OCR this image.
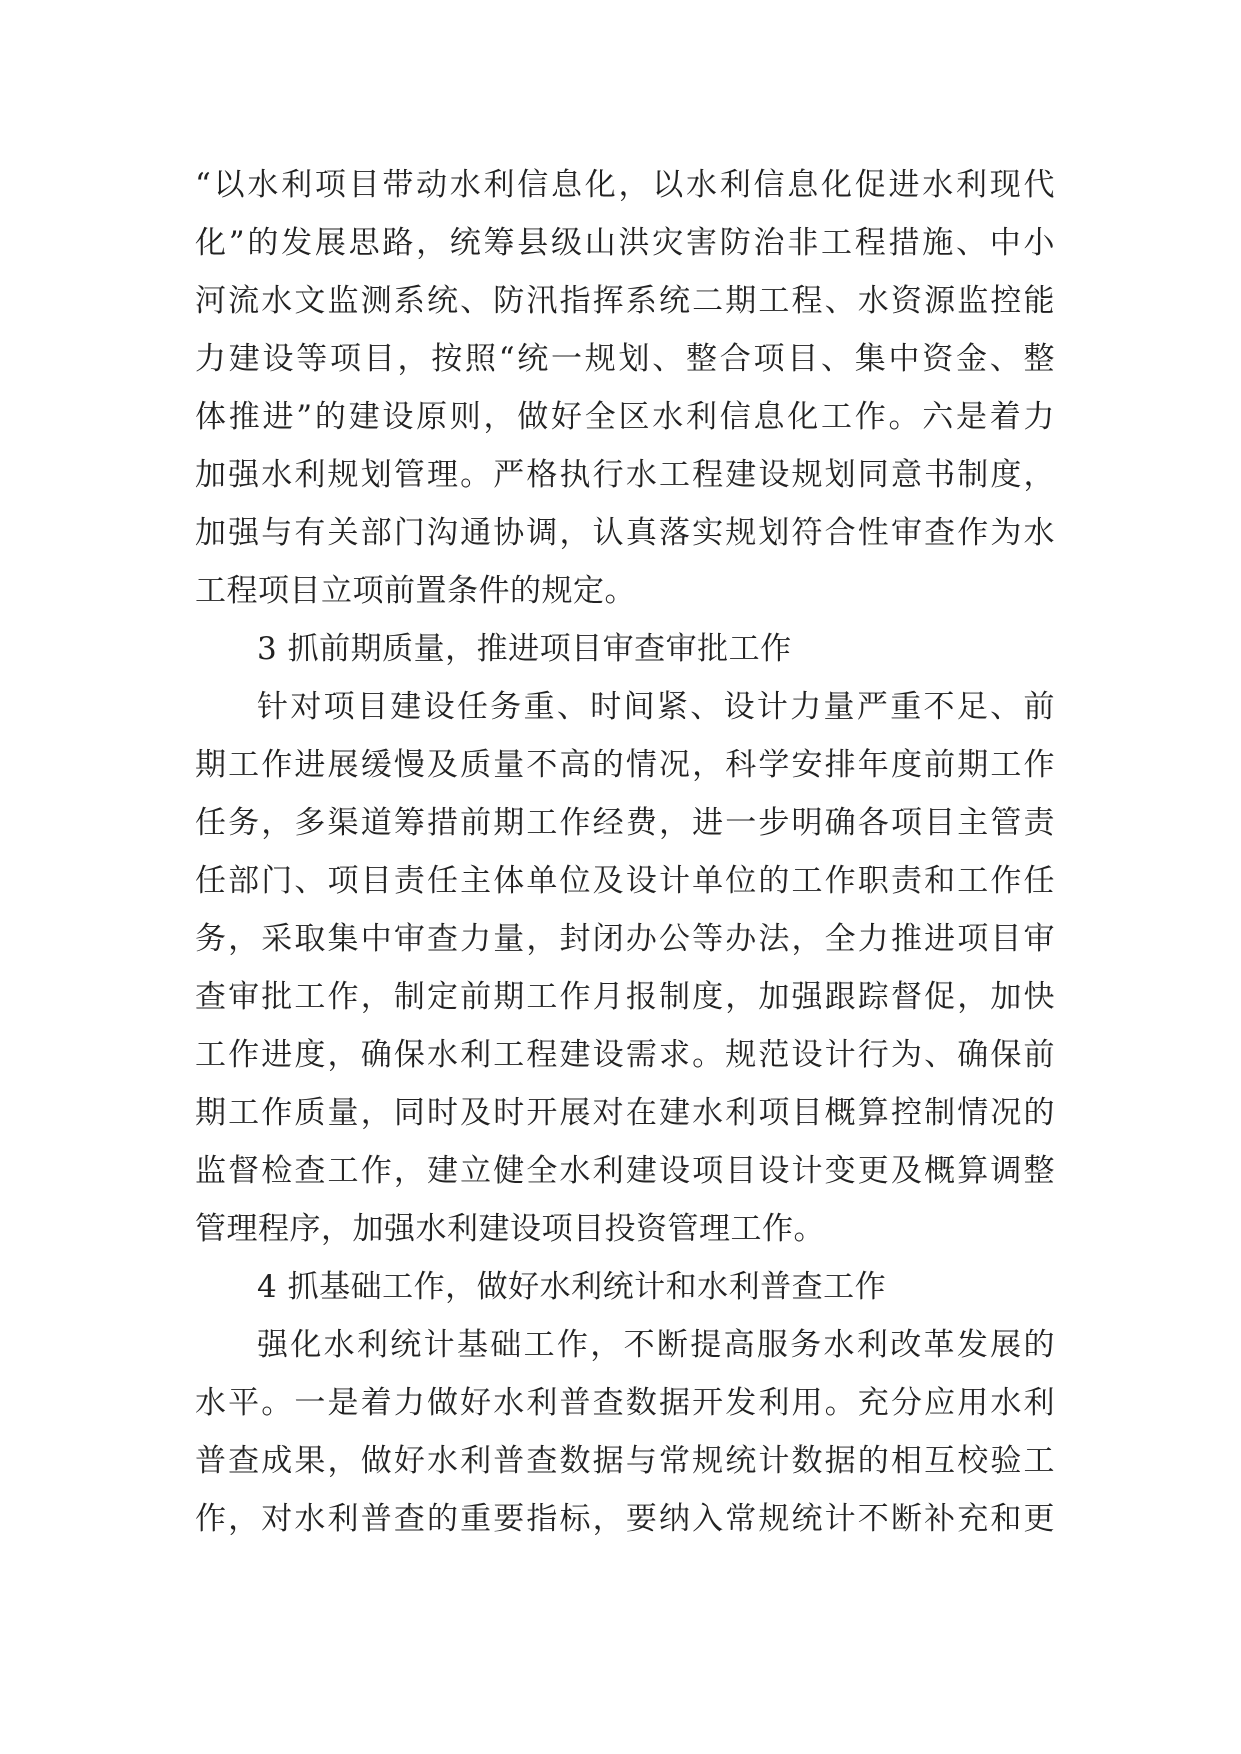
“以水利项目带动水利信息化，以水利信息化促进水利现代
化”的发展思路，统筹县级山洪灾害防治非工程措施、中小
河流水文监测系统、防汛指挥系统二期工程、水资源监控能
力建设等项目，按照“统一规划、整合项目、集中资金、整
体推进”的建设原则，做好全区水利信息化工作。六是着力
加强水利规划管理。严格执行水工程建设规划同意书制度，
加强与有关部门沟通协调，认真落实规划符合性审查作为水
工程项目立项前置条件的规定。
3 抓前期质量，推进项目审查审批工作
针对项目建设任务重、时间紧、设计力量严重不足、前
期工作进展缓慢及质量不高的情况，科学安排年度前期工作
任务，多渠道筹措前期工作经费，进一步明确各项目主管责
任部门、项目责任主体单位及设计单位的工作职责和工作任
务，采取集中审查力量，封闭办公等办法，全力推进项目审
查审批工作，制定前期工作月报制度，加强跟踪督促，加快
工作进度，确保水利工程建设需求。规范设计行为、确保前
期工作质量，同时及时开展对在建水利项目概算控制情况的
监督检查工作，建立健全水利建设项目设计变更及概算调整
管理程序，加强水利建设项目投资管理工作。
4 抓基础工作，做好水利统计和水利普查工作
强化水利统计基础工作，不断提高服务水利改革发展的
水平。一是着力做好水利普查数据开发利用。充分应用水利
普查成果，做好水利普查数据与常规统计数据的相互校验工
作，对水利普查的重要指标，要纳入常规统计不断补充和更
